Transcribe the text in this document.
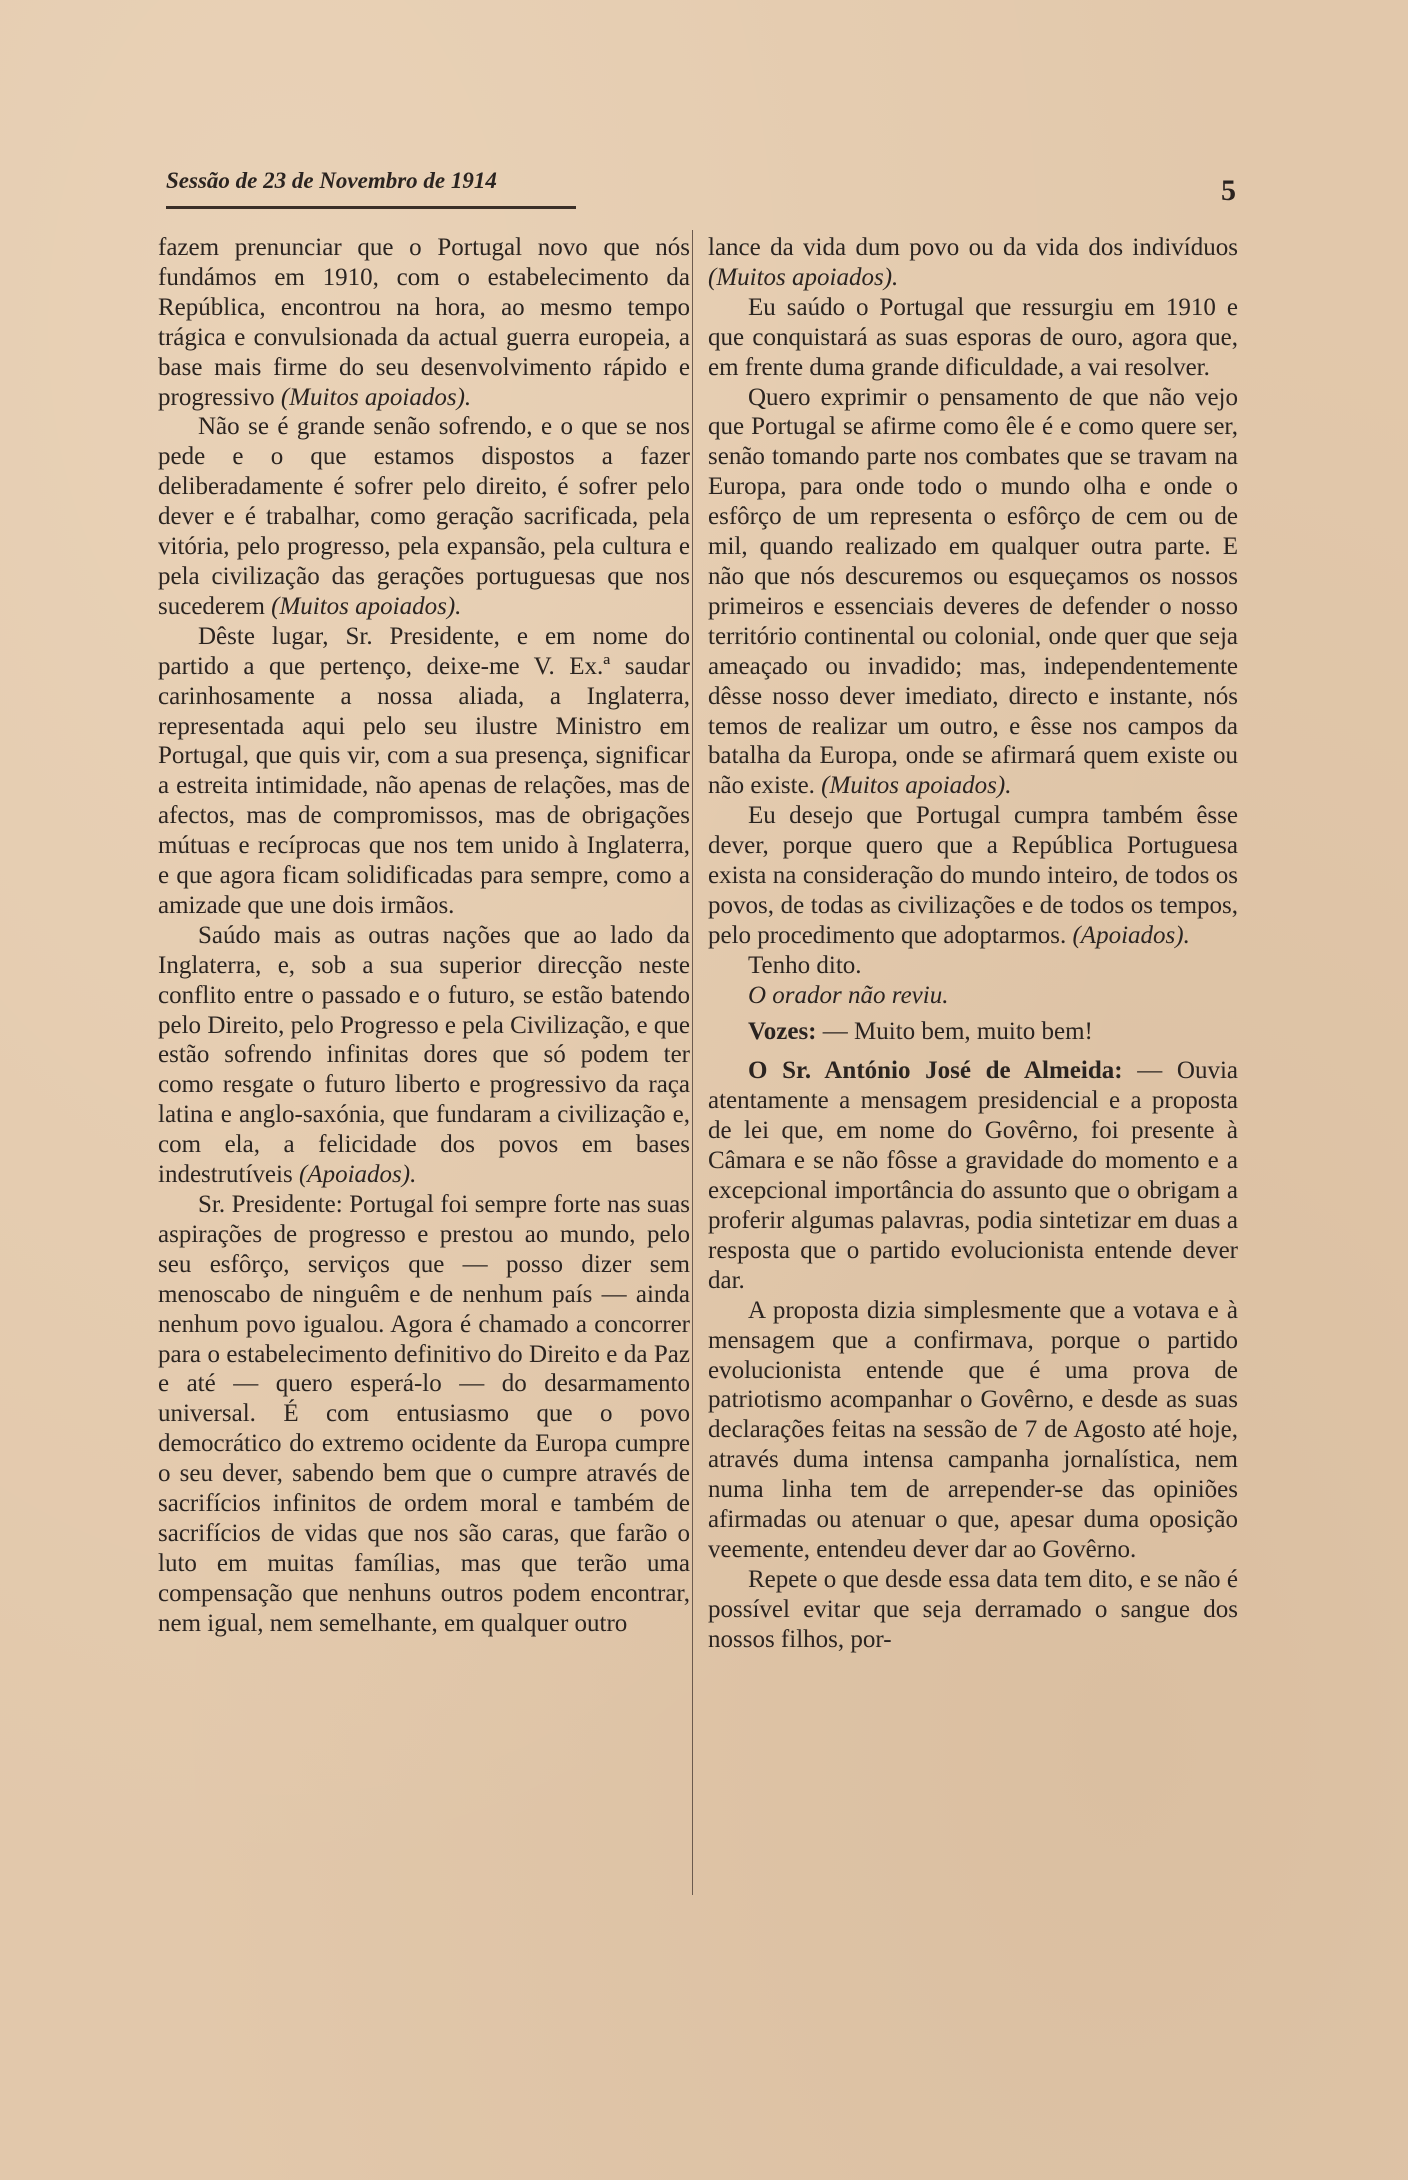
Sessão de 23 de Novembro de 1914	5

fazem prenunciar que o Portugal novo que nós fundámos em 1910, com o estabelecimento da República, encontrou na hora, ao mesmo tempo trágica e convulsionada da actual guerra europeia, a base mais firme do seu desenvolvimento rápido e progressivo (Muitos apoiados).

Não se é grande senão sofrendo, e o que se nos pede e o que estamos dispostos a fazer deliberadamente é sofrer pelo direito, é sofrer pelo dever e é trabalhar, como geração sacrificada, pela vitória, pelo progresso, pela expansão, pela cultura e pela civilização das gerações portuguesas que nos sucederem (Muitos apoiados).

Dêste lugar, Sr. Presidente, e em nome do partido a que pertenço, deixe-me V. Ex.ª saudar carinhosamente a nossa aliada, a Inglaterra, representada aqui pelo seu ilustre Ministro em Portugal, que quis vir, com a sua presença, significar a estreita intimidade, não apenas de relações, mas de afectos, mas de compromissos, mas de obrigações mútuas e recíprocas que nos tem unido à Inglaterra, e que agora ficam solidificadas para sempre, como a amizade que une dois irmãos.

Saúdo mais as outras nações que ao lado da Inglaterra, e, sob a sua superior direcção neste conflito entre o passado e o futuro, se estão batendo pelo Direito, pelo Progresso e pela Civilização, e que estão sofrendo infinitas dores que só podem ter como resgate o futuro liberto e progressivo da raça latina e anglo-saxónia, que fundaram a civilização e, com ela, a felicidade dos povos em bases indestrutíveis (Apoiados).

Sr. Presidente: Portugal foi sempre forte nas suas aspirações de progresso e prestou ao mundo, pelo seu esfôrço, serviços que — posso dizer sem menoscabo de ninguêm e de nenhum país — ainda nenhum povo igualou. Agora é chamado a concorrer para o estabelecimento definitivo do Direito e da Paz e até — quero esperá-lo — do desarmamento universal. É com entusiasmo que o povo democrático do extremo ocidente da Europa cumpre o seu dever, sabendo bem que o cumpre através de sacrifícios infinitos de ordem moral e também de sacrifícios de vidas que nos são caras, que farão o luto em muitas famílias, mas que terão uma compensação que nenhuns outros podem encontrar, nem igual, nem semelhante, em qualquer outro

lance da vida dum povo ou da vida dos indivíduos (Muitos apoiados).

Eu saúdo o Portugal que ressurgiu em 1910 e que conquistará as suas esporas de ouro, agora que, em frente duma grande dificuldade, a vai resolver.

Quero exprimir o pensamento de que não vejo que Portugal se afirme como êle é e como quere ser, senão tomando parte nos combates que se travam na Europa, para onde todo o mundo olha e onde o esfôrço de um representa o esfôrço de cem ou de mil, quando realizado em qualquer outra parte. E não que nós descuremos ou esqueçamos os nossos primeiros e essenciais deveres de defender o nosso território continental ou colonial, onde quer que seja ameaçado ou invadido; mas, independentemente dêsse nosso dever imediato, directo e instante, nós temos de realizar um outro, e êsse nos campos da batalha da Europa, onde se afirmará quem existe ou não existe. (Muitos apoiados).

Eu desejo que Portugal cumpra também êsse dever, porque quero que a República Portuguesa exista na consideração do mundo inteiro, de todos os povos, de todas as civilizações e de todos os tempos, pelo procedimento que adoptarmos. (Apoiados).

Tenho dito.

O orador não reviu.

Vozes: — Muito bem, muito bem!

O Sr. António José de Almeida: — Ouvia atentamente a mensagem presidencial e a proposta de lei que, em nome do Govêrno, foi presente à Câmara e se não fôsse a gravidade do momento e a excepcional importância do assunto que o obrigam a proferir algumas palavras, podia sintetizar em duas a resposta que o partido evolucionista entende dever dar.

A proposta dizia simplesmente que a votava e à mensagem que a confirmava, porque o partido evolucionista entende que é uma prova de patriotismo acompanhar o Govêrno, e desde as suas declarações feitas na sessão de 7 de Agosto até hoje, através duma intensa campanha jornalística, nem numa linha tem de arrepender-se das opiniões afirmadas ou atenuar o que, apesar duma oposição veemente, entendeu dever dar ao Govêrno.

Repete o que desde essa data tem dito, e se não é possível evitar que seja derramado o sangue dos nossos filhos, por-
